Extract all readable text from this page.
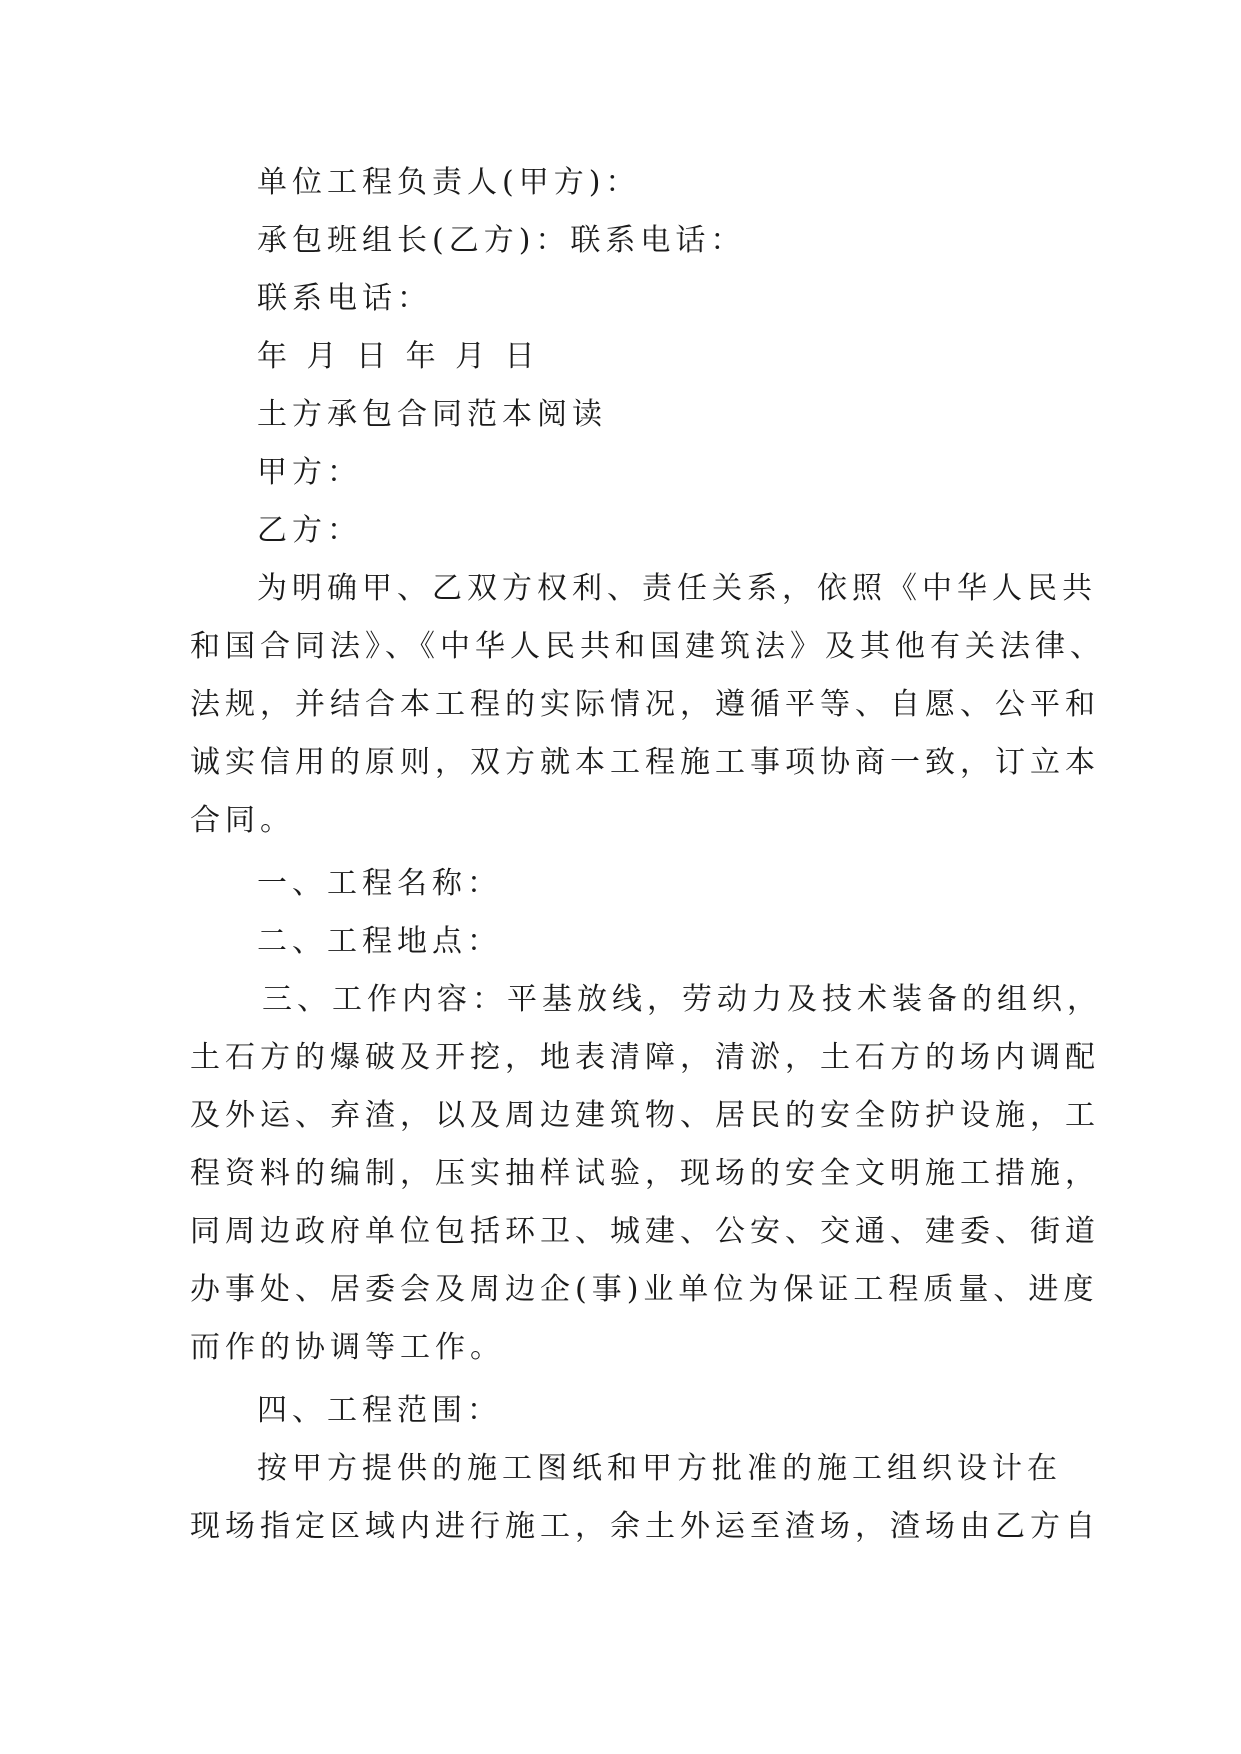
单位工程负责人(甲方)：
承包班组长(乙方)：联系电话：
联系电话：
年 月 日 年 月 日
土方承包合同范本阅读
甲方：
乙方：
为明确甲、乙双方权利、责任关系，依照《中华人民共
和国合同法》、《中华人民共和国建筑法》及其他有关法律、
法规，并结合本工程的实际情况，遵循平等、自愿、公平和
诚实信用的原则，双方就本工程施工事项协商一致，订立本
合同。
一、工程名称：
二、工程地点：
三、工作内容：平基放线，劳动力及技术装备的组织，
土石方的爆破及开挖，地表清障，清淤，土石方的场内调配
及外运、弃渣，以及周边建筑物、居民的安全防护设施，工
程资料的编制，压实抽样试验，现场的安全文明施工措施，
同周边政府单位包括环卫、城建、公安、交通、建委、街道
办事处、居委会及周边企(事)业单位为保证工程质量、进度
而作的协调等工作。
四、工程范围：
按甲方提供的施工图纸和甲方批准的施工组织设计在
现场指定区域内进行施工，余土外运至渣场，渣场由乙方自
